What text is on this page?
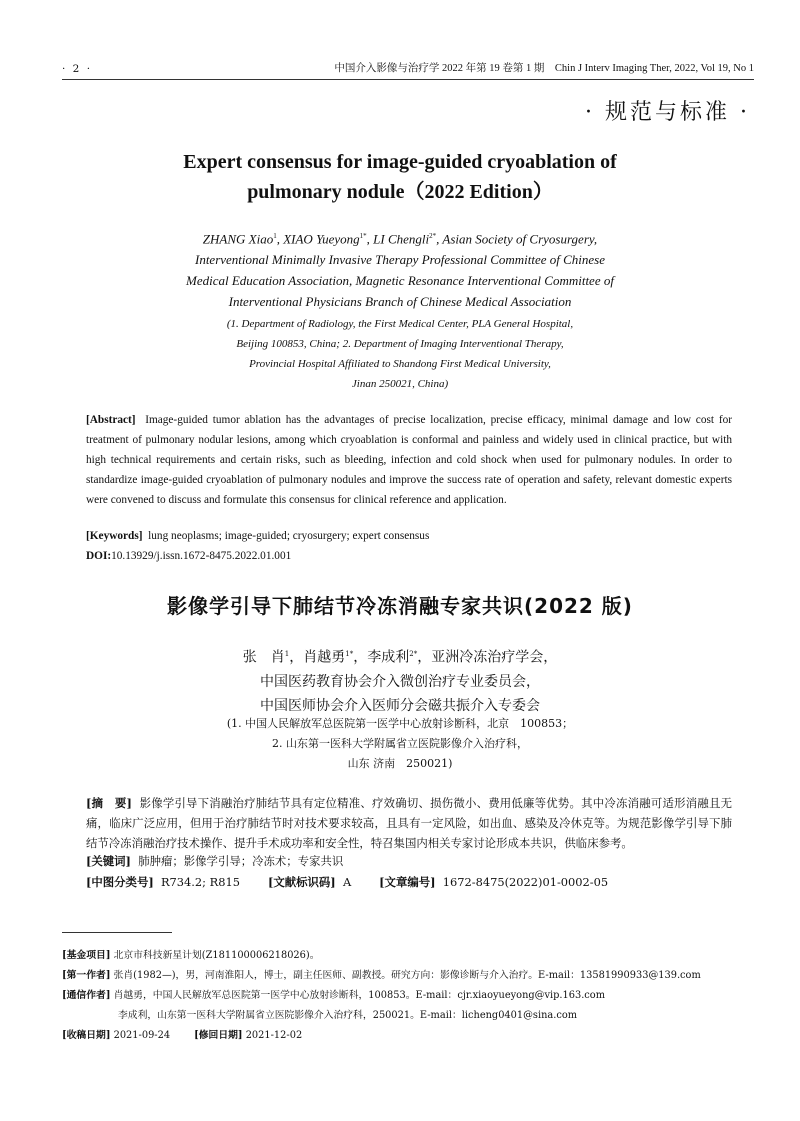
· 2 ·	中国介入影像与治疗学 2022 年第 19 卷第 1 期　Chin J Interv Imaging Ther, 2022, Vol 19, No 1
· 规范与标准 ·
Expert consensus for image-guided cryoablation of
pulmonary nodule（2022 Edition）
ZHANG Xiao$^1$, XIAO Yueyong$^{1*}$, LI Chengli$^{2*}$, Asian Society of Cryosurgery,
Interventional Minimally Invasive Therapy Professional Committee of Chinese
Medical Education Association, Magnetic Resonance Interventional Committee of
Interventional Physicians Branch of Chinese Medical Association
(1. Department of Radiology, the First Medical Center, PLA General Hospital,
Beijing 100853, China; 2. Department of Imaging Interventional Therapy,
Provincial Hospital Affiliated to Shandong First Medical University,
Jinan 250021, China)
[Abstract] Image-guided tumor ablation has the advantages of precise localization, precise efficacy, minimal damage and low cost for treatment of pulmonary nodular lesions, among which cryoablation is conformal and painless and widely used in clinical practice, but with high technical requirements and certain risks, such as bleeding, infection and cold shock when used for pulmonary nodules. In order to standardize image-guided cryoablation of pulmonary nodules and improve the success rate of operation and safety, relevant domestic experts were convened to discuss and formulate this consensus for clinical reference and application.
[Keywords] lung neoplasms; image-guided; cryosurgery; expert consensus
DOI:10.13929/j.issn.1672-8475.2022.01.001
影像学引导下肺结节冷冻消融专家共识(2022 版)
张　肖$^1$，肖越勇$^{1*}$，李成利$^{2*}$，亚洲冷冻治疗学会，
中国医药教育协会介入微创治疗专业委员会，
中国医师协会介入医师分会磁共振介入专委会
(1. 中国人民解放军总医院第一医学中心放射诊断科，北京　100853；
2. 山东第一医科大学附属省立医院影像介入治疗科，
山东 济南　250021)
[摘　要] 影像学引导下消融治疗肺结节具有定位精准、疗效确切、损伤微小、费用低廉等优势。其中冷冻消融可适形消融且无痛，临床广泛应用，但用于治疗肺结节时对技术要求较高，且具有一定风险，如出血、感染及冷休克等。为规范影像学引导下肺结节冷冻消融治疗技术操作、提升手术成功率和安全性，特召集国内相关专家讨论形成本共识，供临床参考。
[关键词] 肺肿瘤；影像学引导；冷冻术；专家共识
[中图分类号] R734.2; R815 [文献标识码] A [文章编号] 1672-8475(2022)01-0002-05
[基金项目] 北京市科技新星计划(Z181100006218026)。
[第一作者] 张肖(1982—)，男，河南淮阳人，博士，副主任医师、副教授。研究方向：影像诊断与介入治疗。E-mail：13581990933@139.com
[通信作者] 肖越勇，中国人民解放军总医院第一医学中心放射诊断科，100853。E-mail：cjr.xiaoyueyong@vip.163.com
李成利，山东第一医科大学附属省立医院影像介入治疗科，250021。E-mail：licheng0401@sina.com
[收稿日期] 2021-09-24 [修回日期] 2021-12-02
